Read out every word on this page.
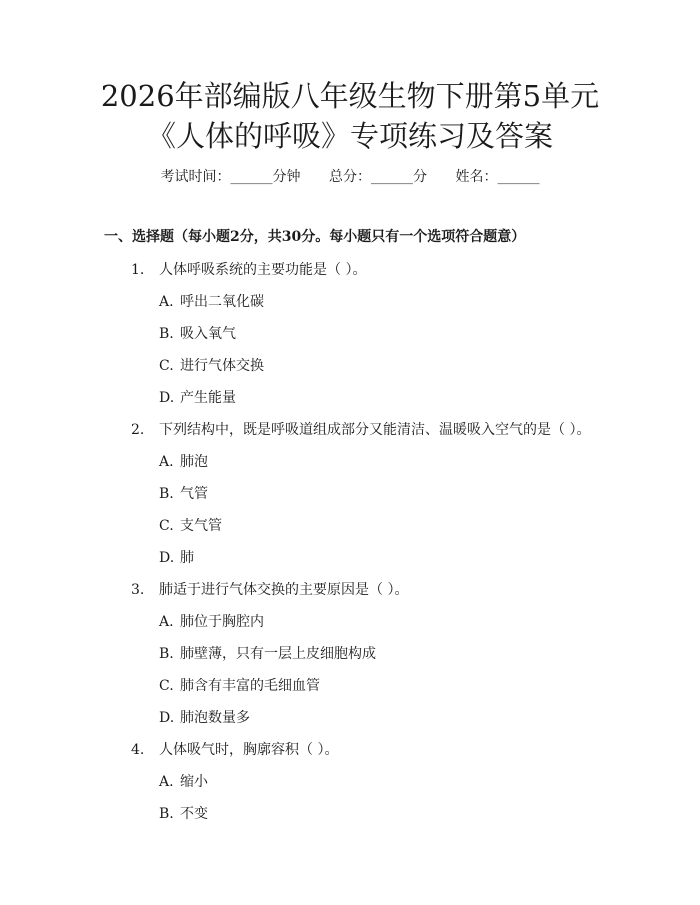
2026年部编版八年级生物下册第5单元《人体的呼吸》专项练习及答案
考试时间：______分钟 总分：______分 姓名：______
一、选择题（每小题2分，共30分。每小题只有一个选项符合题意）
1. 人体呼吸系统的主要功能是（ ）。
A. 呼出二氧化碳
B. 吸入氧气
C. 进行气体交换
D. 产生能量
2. 下列结构中，既是呼吸道组成部分又能清洁、温暖吸入空气的是（ ）。
A. 肺泡
B. 气管
C. 支气管
D. 肺
3. 肺适于进行气体交换的主要原因是（ ）。
A. 肺位于胸腔内
B. 肺壁薄，只有一层上皮细胞构成
C. 肺含有丰富的毛细血管
D. 肺泡数量多
4. 人体吸气时，胸廓容积（ ）。
A. 缩小
B. 不变
